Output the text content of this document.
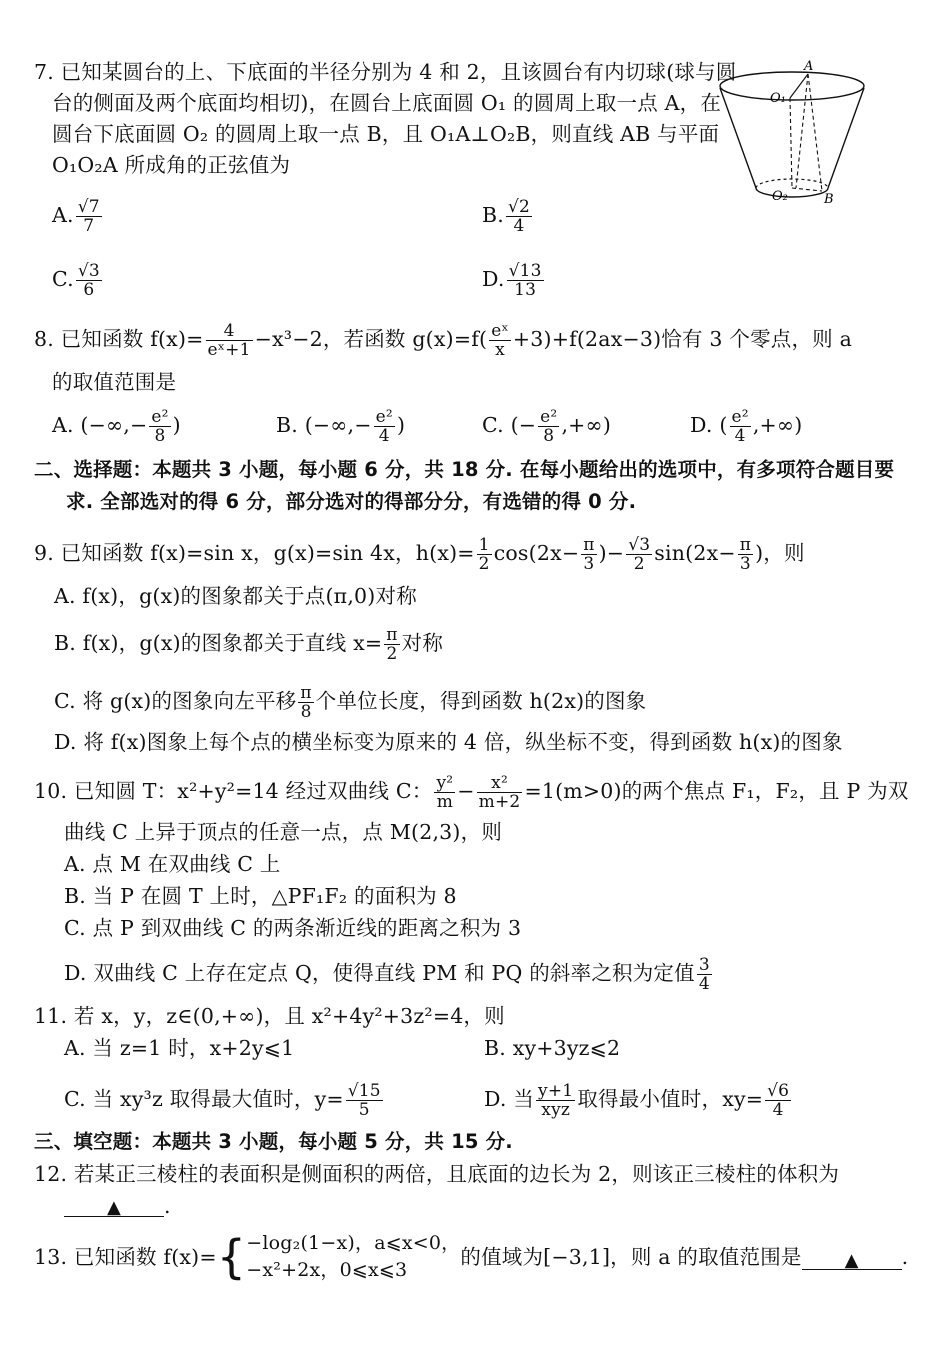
7. 已知某圆台的上、下底面的半径分别为 4 和 2，且该圆台有内切球(球与圆
台的侧面及两个底面均相切)，在圆台上底面圆 O₁ 的圆周上取一点 A，在
圆台下底面圆 O₂ 的圆周上取一点 B，且 O₁A⊥O₂B，则直线 AB 与平面
O₁O₂A 所成角的正弦值为
A. $\frac{√7}{7}$	B. $\frac{√2}{4}$
C. $\frac{√3}{6}$	D. $\frac{√13}{13}$
A
O₁
O₂	B
8. 已知函数 $f(x)= \frac{4}{\text{eˣ+1}} -x^3-2$，若函数 $g(x)=f( \frac{\text{eˣ}}{x} +3)+f(2ax-3)$恰有 3 个零点，则 a
的取值范围是
A. (−∞,− $\frac{\text{e²}}{8}$ )	B. (−∞,− $\frac{\text{e²}}{4}$ )	C. (− $\frac{\text{e²}}{8}$ ,+∞)	D. ( $\frac{\text{e²}}{4}$ ,+∞)
二、选择题：本题共 3 小题，每小题 6 分，共 18 分. 在每小题给出的选项中，有多项符合题目要
求. 全部选对的得 6 分，部分选对的得部分分，有选错的得 0 分.
9. 已知函数 f(x)=sin x，g(x)=sin 4x，$h(x)= \frac{1}{2} \cos(2x- \frac{\pi}{3}$ )− $\frac{√3}{2} \sin(2x- \frac{\pi}{3}$ )，则
A. f(x)，g(x)的图象都关于点(π,0)对称
B. f(x)，g(x)的图象都关于直线 $x= \frac{\pi}{2}$ 对称
C. 将 g(x)的图象向左平移 $\frac{\pi}{8}$ 个单位长度，得到函数 h(2x)的图象
D. 将 f(x)图象上每个点的横坐标变为原来的 4 倍，纵坐标不变，得到函数 h(x)的图象
10. 已知圆 T：x²+y²=14 经过双曲线 C： $\frac{\text{y²}}{m} - \frac{\text{x²}}{m+2} =1(m>0)$的两个焦点 F₁，F₂，且 P 为双
曲线 C 上异于顶点的任意一点，点 M(2,3)，则
A. 点 M 在双曲线 C 上
B. 当 P 在圆 T 上时，△PF₁F₂ 的面积为 8
C. 点 P 到双曲线 C 的两条渐近线的距离之积为 3
D. 双曲线 C 上存在定点 Q，使得直线 PM 和 PQ 的斜率之积为定值 $\frac{3}{4}$
11. 若 x，y，z∈(0,+∞)，且 x²+4y²+3z²=4，则
A. 当 z=1 时，x+2y⩽1	B. xy+3yz⩽2
C. 当 xy³z 取得最大值时，$y= \frac{√15}{5}$	D. 当 $\frac{y+1}{\text{xyz}}$ 取得最小值时，$xy= \frac{√6}{4}$
三、填空题：本题共 3 小题，每小题 5 分，共 15 分.
12. 若某正三棱柱的表面积是侧面积的两倍，且底面的边长为 2，则该正三棱柱的体积为
▲ .
13. 已知函数 f(x)={ −log₂(1−x)，a⩽x<0，
−x²+2x，0⩽x⩽3
的值域为[−3,1]，则 a 的取值范围是 ▲ .
